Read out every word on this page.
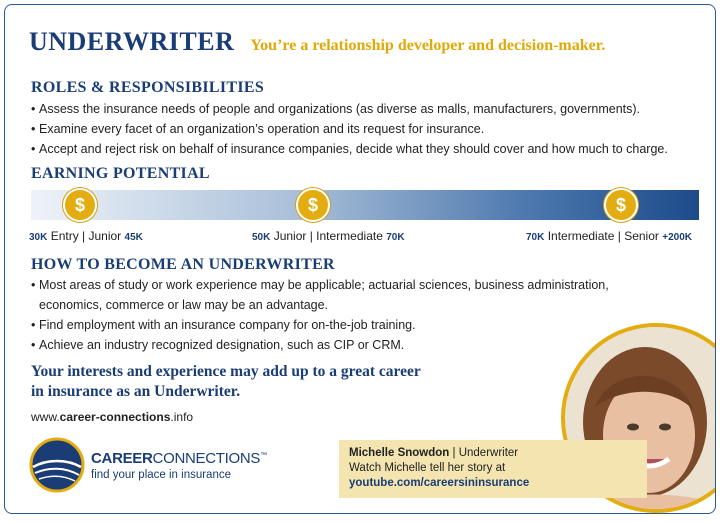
UNDERWRITER You’re a relationship developer and decision-maker.
ROLES & RESPONSIBILITIES
• Assess the insurance needs of people and organizations (as diverse as malls, manufacturers, governments).
• Examine every facet of an organization’s operation and its request for insurance.
• Accept and reject risk on behalf of insurance companies, decide what they should cover and how much to charge.
EARNING POTENTIAL
$	$	$
30K Entry | Junior 45K	50K Junior | Intermediate 70K	70K Intermediate | Senior +200K
HOW TO BECOME AN UNDERWRITER
• Most areas of study or work experience may be applicable; actuarial sciences, business administration, economics, commerce or law may be an advantage.
• Find employment with an insurance company for on-the-job training.
• Achieve an industry recognized designation, such as CIP or CRM.
Your interests and experience may add up to a great career
in insurance as an Underwriter.
www.career-connections.info
CAREERCONNECTIONS™
find your place in insurance
Michelle Snowdon | Underwriter
Watch Michelle tell her story at
youtube.com/careersininsurance
